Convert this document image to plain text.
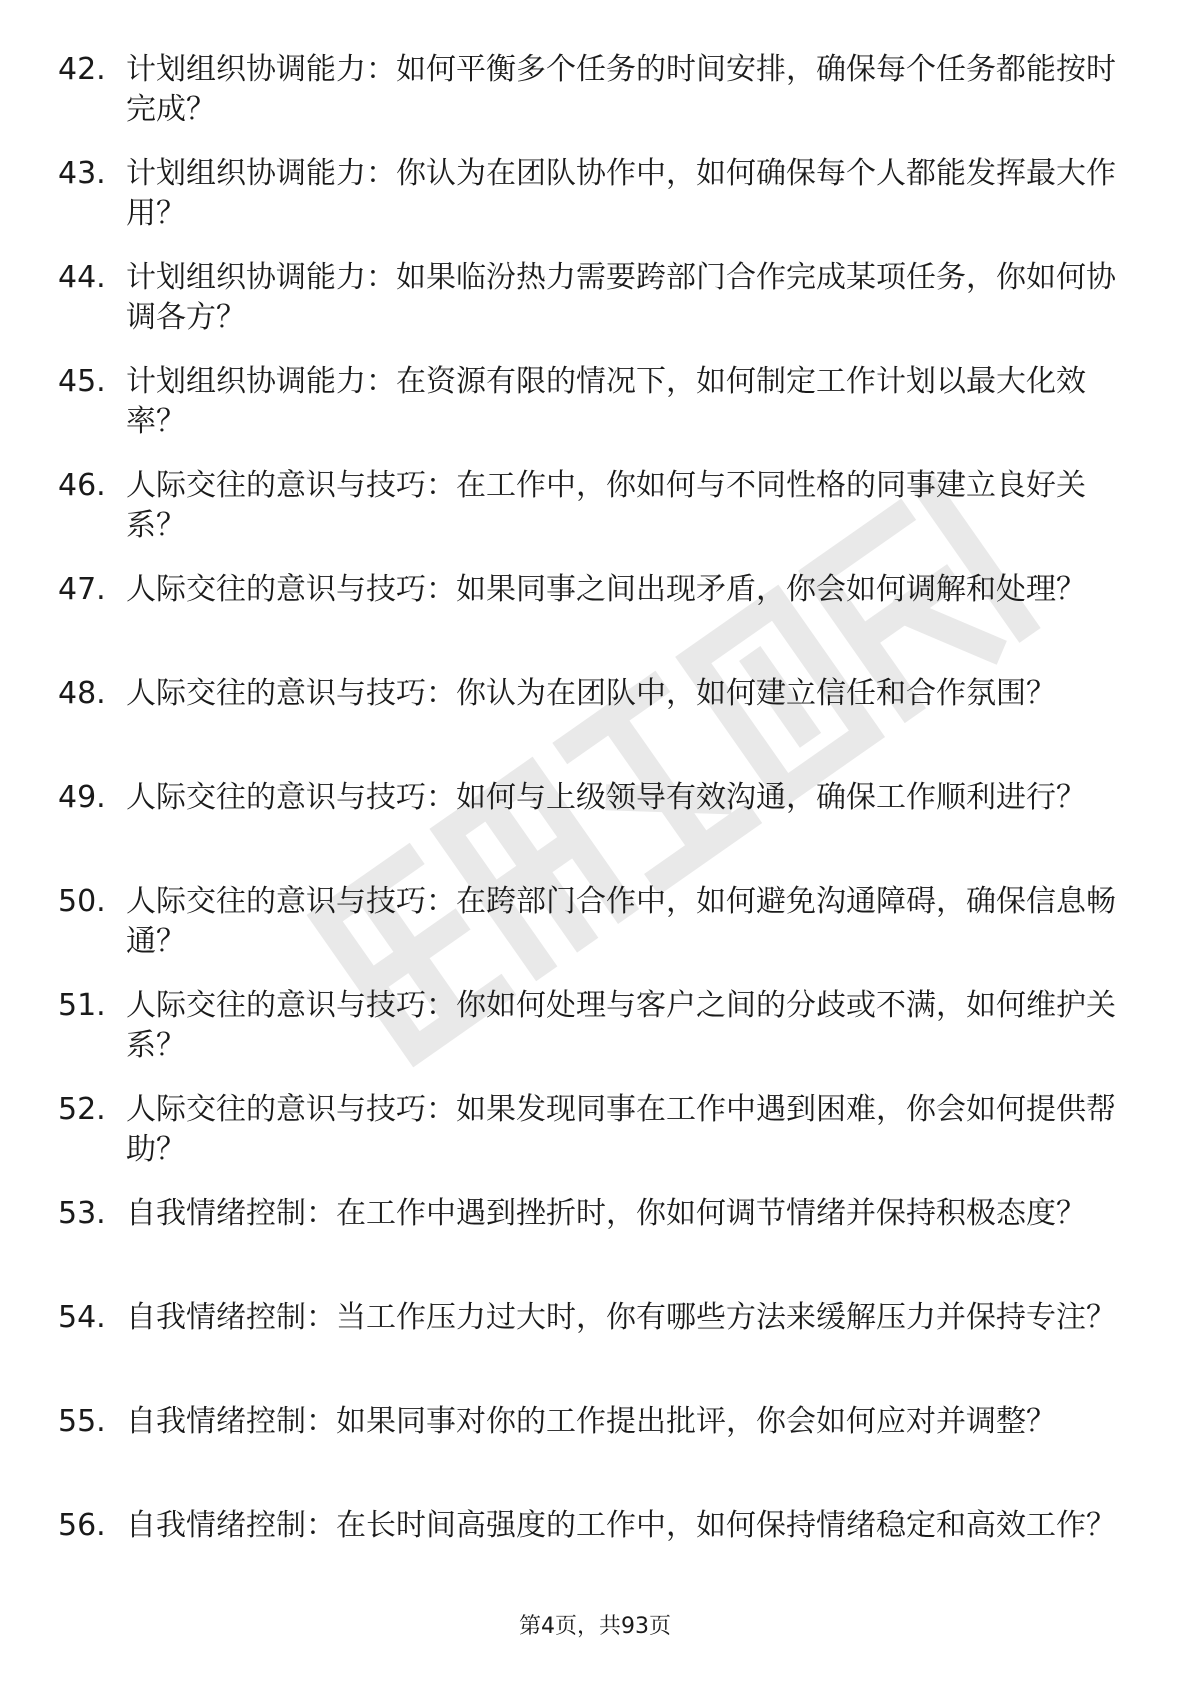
42. 计划组织协调能力：如何平衡多个任务的时间安排，确保每个任务都能按时完成？
43. 计划组织协调能力：你认为在团队协作中，如何确保每个人都能发挥最大作用？
44. 计划组织协调能力：如果临汾热力需要跨部门合作完成某项任务，你如何协调各方？
45. 计划组织协调能力：在资源有限的情况下，如何制定工作计划以最大化效率？
46. 人际交往的意识与技巧：在工作中，你如何与不同性格的同事建立良好关系？
47. 人际交往的意识与技巧：如果同事之间出现矛盾，你会如何调解和处理？
48. 人际交往的意识与技巧：你认为在团队中，如何建立信任和合作氛围？
49. 人际交往的意识与技巧：如何与上级领导有效沟通，确保工作顺利进行？
50. 人际交往的意识与技巧：在跨部门合作中，如何避免沟通障碍，确保信息畅通？
51. 人际交往的意识与技巧：你如何处理与客户之间的分歧或不满，如何维护关系？
52. 人际交往的意识与技巧：如果发现同事在工作中遇到困难，你会如何提供帮助？
53. 自我情绪控制：在工作中遇到挫折时，你如何调节情绪并保持积极态度？
54. 自我情绪控制：当工作压力过大时，你有哪些方法来缓解压力并保持专注？
55. 自我情绪控制：如果同事对你的工作提出批评，你会如何应对并调整？
56. 自我情绪控制：在长时间高强度的工作中，如何保持情绪稳定和高效工作？
第4页，共93页
